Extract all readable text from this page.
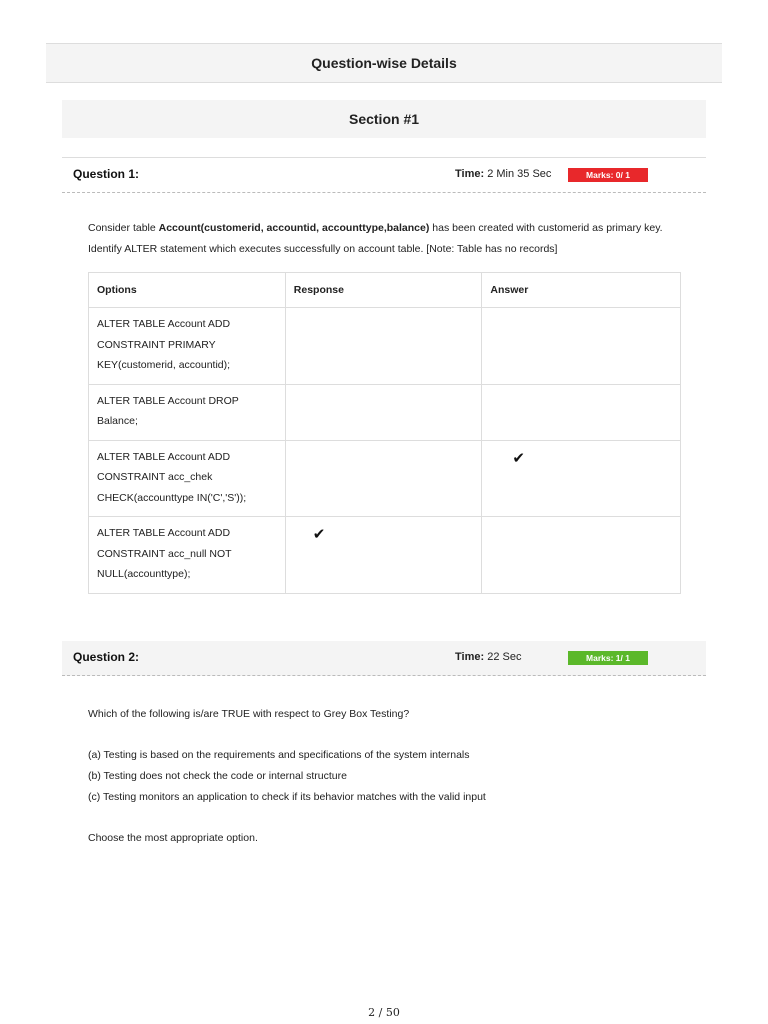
Question-wise Details
Section #1
Question 1:	Time: 2 Min 35 Sec	Marks: 0/ 1
Consider table Account(customerid, accountid, accounttype,balance) has been created with customerid as primary key.
Identify ALTER statement which executes successfully on account table. [Note: Table has no records]
Options	Response	Answer

ALTER TABLE Account ADD
CONSTRAINT PRIMARY
KEY(customerid, accountid);		

ALTER TABLE Account DROP
Balance;		

ALTER TABLE Account ADD
CONSTRAINT acc_chek
CHECK(accounttype IN('C','S'));		✔

ALTER TABLE Account ADD
CONSTRAINT acc_null NOT
NULL(accounttype);	✔	

Question 2:	Time: 22 Sec	Marks: 1/ 1

Which of the following is/are TRUE with respect to Grey Box Testing?

(a) Testing is based on the requirements and specifications of the system internals

(b) Testing does not check the code or internal structure

(c) Testing monitors an application to check if its behavior matches with the valid input

Choose the most appropriate option.

2 / 50
